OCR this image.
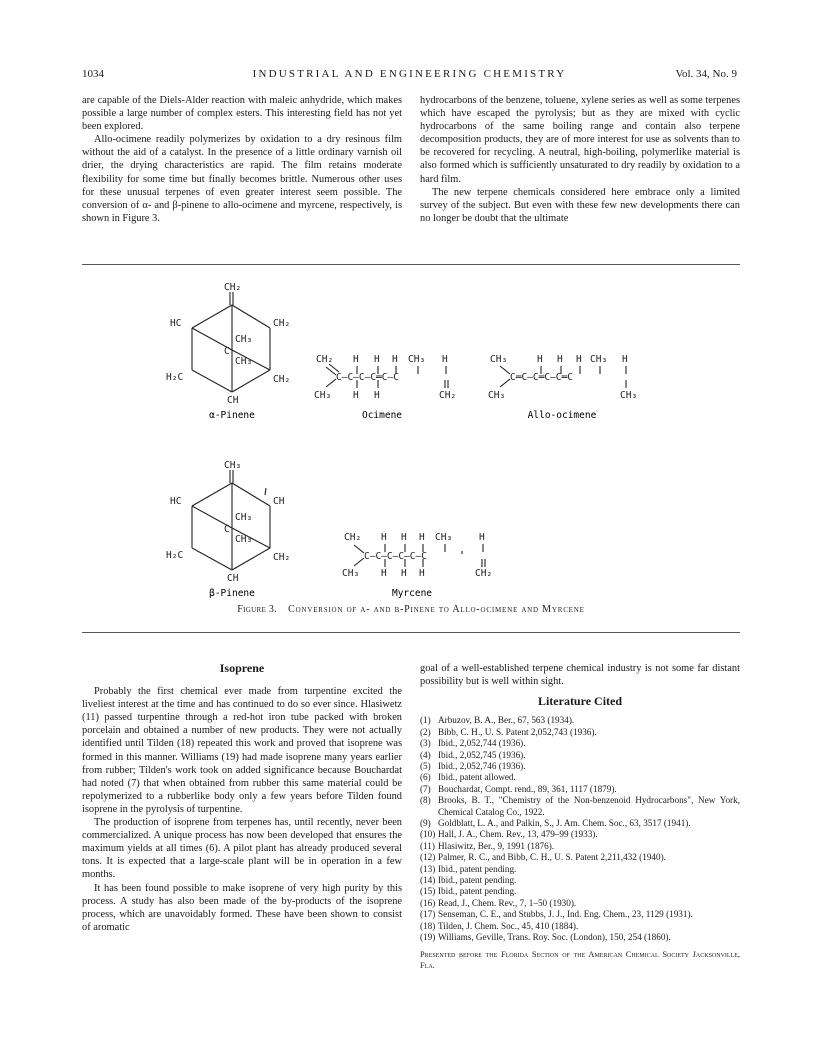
1034	INDUSTRIAL AND ENGINEERING CHEMISTRY	Vol. 34, No. 9

are capable of the Diels-Alder reaction with maleic anhydride, which makes possible a large number of complex esters. This interesting field has not yet been explored.

Allo-ocimene readily polymerizes by oxidation to a dry resinous film without the aid of a catalyst. In the presence of a little ordinary varnish oil drier, the drying characteristics are rapid. The film retains moderate flexibility for some time but finally becomes brittle. Numerous other uses for these unusual terpenes of even greater interest seem possible. The conversion of α- and β-pinene to allo-ocimene and myrcene, respectively, is shown in Figure 3.

hydrocarbons of the benzene, toluene, xylene series as well as some terpenes which have escaped the pyrolysis; but as they are mixed with cyclic hydrocarbons of the same boiling range and contain also terpene decomposition products, they are of more interest for use as solvents than to be recovered for recycling. A neutral, high-boiling, polymerlike material is also formed which is sufficiently unsaturated to dry readily by oxidation to a hard film.

The new terpene chemicals considered here embrace only a limited survey of the subject. But even with these few new developments there can no longer be doubt that the ultimate

CH₂
HC	CH₂
CH₃
C
CH₃
H₂C	CH₂
CH
α-Pinene
CH₂ H H H CH₃ H
C—C—C—C═C—C
CH₃ H H	CH₂
Ocimene
CH₃	H H H CH₃ H
C═C—C═C—C═C
CH₃	CH₃
Allo-ocimene
CH₃
HC	CH
CH₃
C
CH₃
H₂C	CH₂
CH
β-Pinene
CH₂ H H H CH₃	H
C—C—C—C—C—C
CH₃ H H H	CH₂
Myrcene
Figure 3. Conversion of α- and β-Pinene to Allo-ocimene and Myrcene
Isoprene

Probably the first chemical ever made from turpentine excited the liveliest interest at the time and has continued to do so ever since. Hlasiwetz (11) passed turpentine through a red-hot iron tube packed with broken porcelain and obtained a number of new products. They were not actually identified until Tilden (18) repeated this work and proved that isoprene was formed in this manner. Williams (19) had made isoprene many years earlier from rubber; Tilden's work took on added significance because Bouchardat had noted (7) that when obtained from rubber this same material could be repolymerized to a rubberlike body only a few years before Tilden found isoprene in the pyrolysis of turpentine.

The production of isoprene from terpenes has, until recently, never been commercialized. A unique process has now been developed that ensures the maximum yields at all times (6). A pilot plant has already produced several tons. It is expected that a large-scale plant will be in operation in a few months.

It has been found possible to make isoprene of very high purity by this process. A study has also been made of the by-products of the isoprene process, which are unavoidably formed. These have been shown to consist of aromatic

goal of a well-established terpene chemical industry is not some far distant possibility but is well within sight.

Literature Cited
(1) Arbuzov, B. A., Ber., 67, 563 (1934).
(2) Bibb, C. H., U. S. Patent 2,052,743 (1936).
(3) Ibid., 2,052,744 (1936).
(4) Ibid., 2,052,745 (1936).
(5) Ibid., 2,052,746 (1936).
(6) Ibid., patent allowed.
(7) Bouchardat, Compt. rend., 89, 361, 1117 (1879).
(8) Brooks, B. T., "Chemistry of the Non-benzenoid Hydrocarbons", New York, Chemical Catalog Co., 1922.
(9) Goldblatt, L. A., and Palkin, S., J. Am. Chem. Soc., 63, 3517 (1941).
(10) Hall, J. A., Chem. Rev., 13, 479–99 (1933).
(11) Hlasiwitz, Ber., 9, 1991 (1876).
(12) Palmer, R. C., and Bibb, C. H., U. S. Patent 2,211,432 (1940).
(13) Ibid., patent pending.
(14) Ibid., patent pending.
(15) Ibid., patent pending.
(16) Read, J., Chem. Rev., 7, 1–50 (1930).
(17) Senseman, C. E., and Stubbs, J. J., Ind. Eng. Chem., 23, 1129 (1931).
(18) Tilden, J. Chem. Soc., 45, 410 (1884).
(19) Williams, Geville, Trans. Roy. Soc. (London), 150, 254 (1860).

Presented before the Florida Section of the American Chemical Society Jacksonville, Fla.
